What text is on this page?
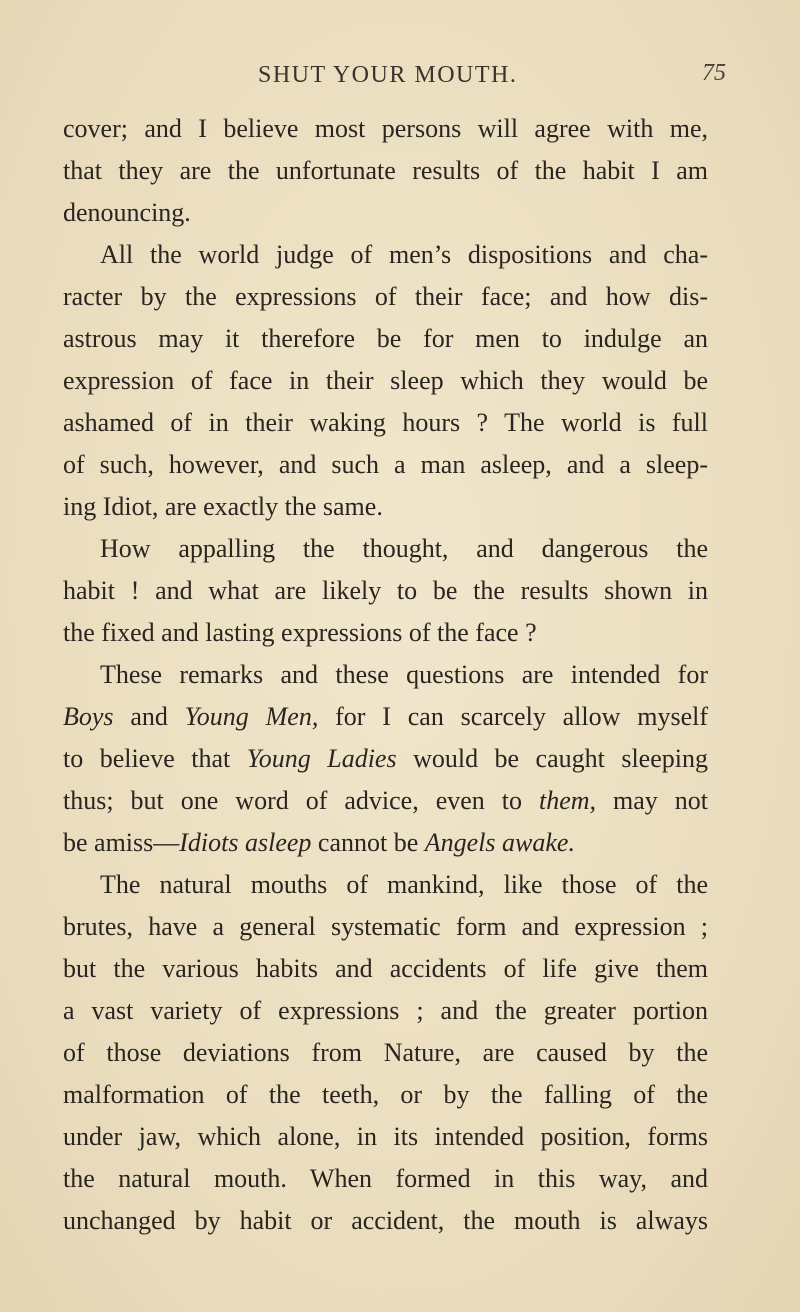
SHUT YOUR MOUTH.	75
cover; and I believe most persons will agree with me,
that they are the unfortunate results of the habit I am
denouncing.
All the world judge of men’s dispositions and cha-
racter by the expressions of their face; and how dis-
astrous may it therefore be for men to indulge an
expression of face in their sleep which they would be
ashamed of in their waking hours ? The world is full
of such, however, and such a man asleep, and a sleep-
ing Idiot, are exactly the same.
How appalling the thought, and dangerous the
habit ! and what are likely to be the results shown in
the fixed and lasting expressions of the face ?
These remarks and these questions are intended for
Boys and Young Men, for I can scarcely allow myself
to believe that Young Ladies would be caught sleeping
thus; but one word of advice, even to them, may not
be amiss—Idiots asleep cannot be Angels awake.
The natural mouths of mankind, like those of the
brutes, have a general systematic form and expression ;
but the various habits and accidents of life give them
a vast variety of expressions ; and the greater portion
of those deviations from Nature, are caused by the
malformation of the teeth, or by the falling of the
under jaw, which alone, in its intended position, forms
the natural mouth. When formed in this way, and
unchanged by habit or accident, the mouth is always
